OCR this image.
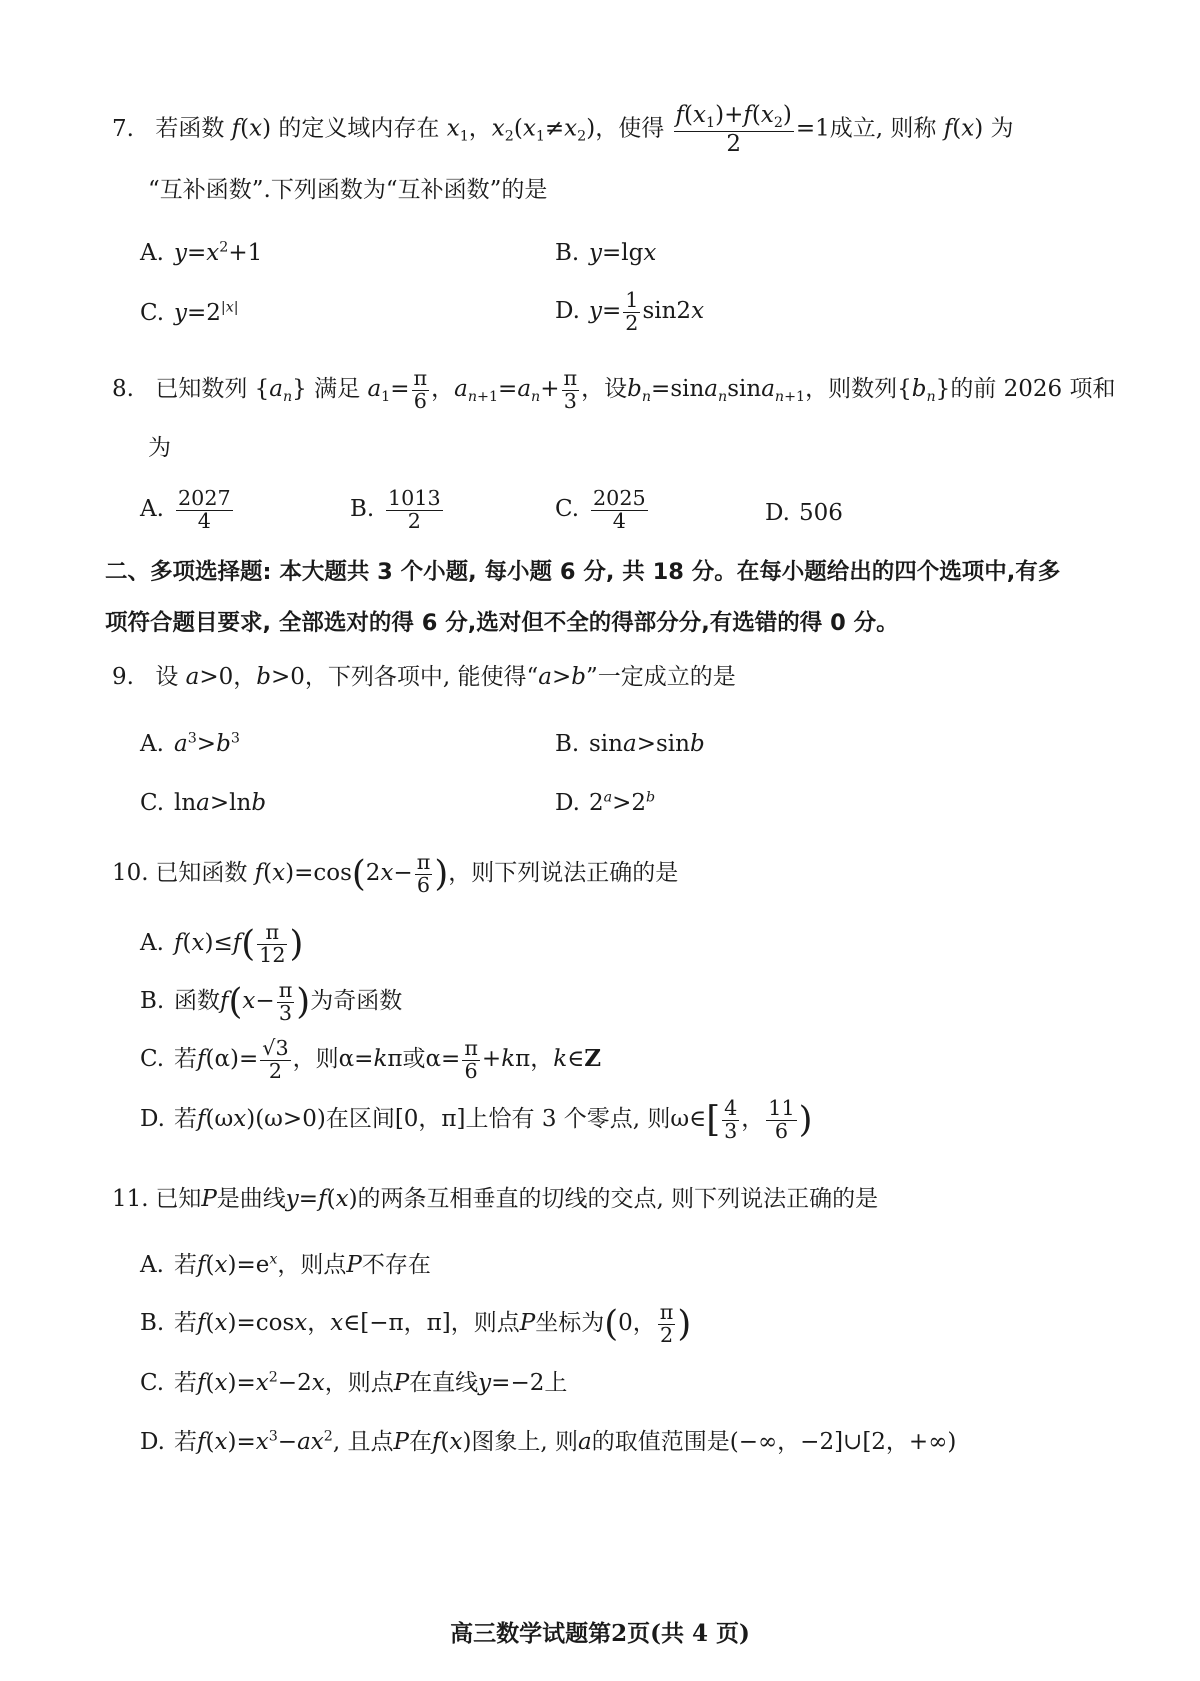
7. 若函数 f(x) 的定义域内存在 $x_1$，$x_2(x_1\ne x_2)$，使得 $\frac{f(x_1)+f(x_2)}{2} =1$成立, 则称 f(x) 为
“互补函数”.下列函数为“互补函数”的是
A. $y=x^2+1$	B. y=lgx
C. $y=2^{|x|}$	D. $y= \frac{1}{2} \sin 2x$
8. 已知数列 $\{a_n\}$ 满足 $a_1= \frac{\pi}{6}$ ，$a_{n+1}=a_n+ \frac{\pi}{3}$ ，设$b_n=\sin a_n\sin a_{n+1}$，则数列$\{b_n\}$的前 2026 项和
为
A. $\frac{2027}{4}$	B. $\frac{1013}{2}$	C. $\frac{2025}{4}$	D. 506
二、多项选择题: 本大题共 3 个小题, 每小题 6 分, 共 18 分。在每小题给出的四个选项中,有多
项符合题目要求, 全部选对的得 6 分,选对但不全的得部分分,有选错的得 0 分。
9. 设 a>0，b>0，下列各项中, 能使得“a>b”一定成立的是
A. $a^3>b^3$	B. sina>sinb
C. lna>lnb	D. $2^a>2^b$
10. 已知函数 $f(x)=\cos(2x- \frac{\pi}{6}$ )，则下列说法正确的是
A. $f(x)\le f( \frac{\pi}{12}$ )
B. 函数$f(x- \frac{\pi}{3}$ )为奇函数
C. 若$f(\alpha)= \frac{√3}{2}$ ，则α=kπ或$\alpha= \frac{\pi}{6} +k\pi$，k∈Z
D. 若f(ωx)(ω>0)在区间[0，π]上恰有 3 个零点, 则ω∈[ $\frac{4}{3}$ ， $\frac{11}{6}$ )
11. 已知P是曲线y=f(x)的两条互相垂直的切线的交点, 则下列说法正确的是
A. 若$f(x)=e^x$，则点P不存在
B. 若f(x)=cosx，x∈[−π，π]，则点P坐标为(0， $\frac{\pi}{2}$ )
C. 若$f(x)=x^2-2x$，则点P在直线y=−2上
D. 若$f(x)=x^3-ax^2$, 且点P在f(x)图象上, 则a的取值范围是(−∞，−2]∪[2，+∞)
高三数学试题第2页(共 4 页)
